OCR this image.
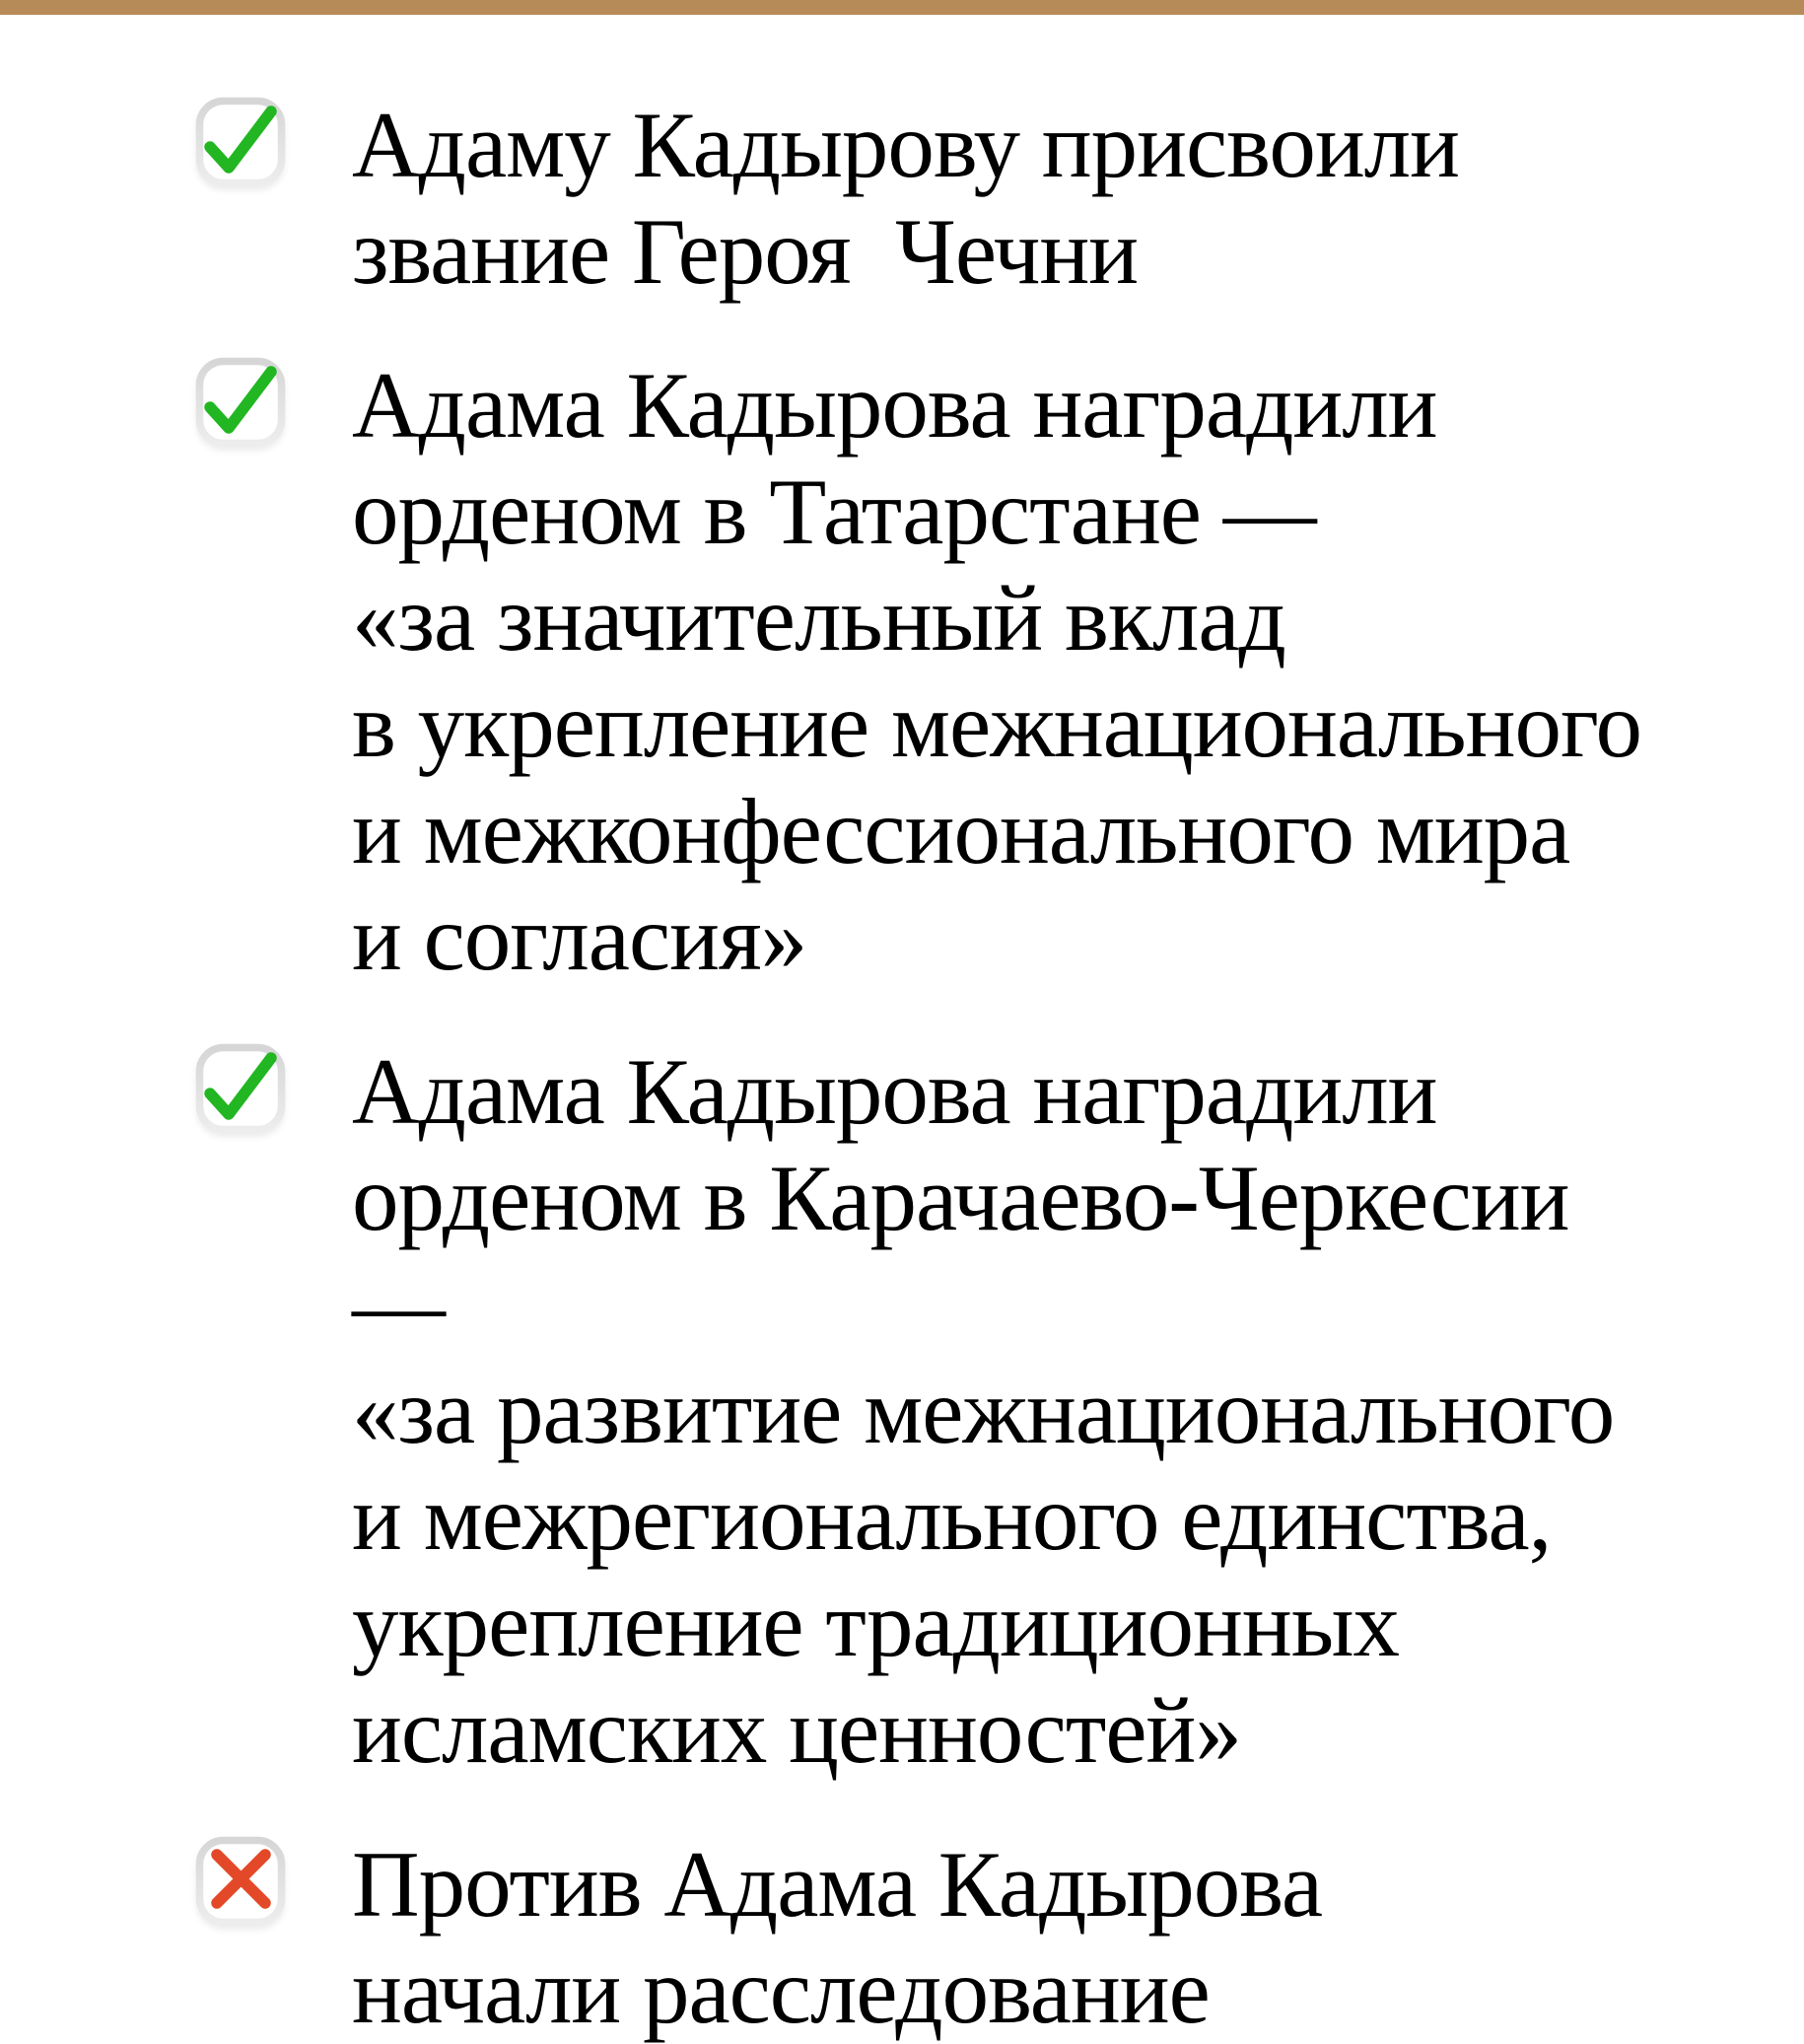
Адаму Кадырову присвоили
звание Героя  Чечни
Адама Кадырова наградили
орденом в Татарстане —
«за значительный вклад
в укрепление межнационального
и межконфессионального мира
и согласия»
Адама Кадырова наградили
орденом в Карачаево-Черкесии —
«за развитие межнационального
и межрегионального единства,
укрепление традиционных
исламских ценностей»
Против Адама Кадырова
начали расследование
